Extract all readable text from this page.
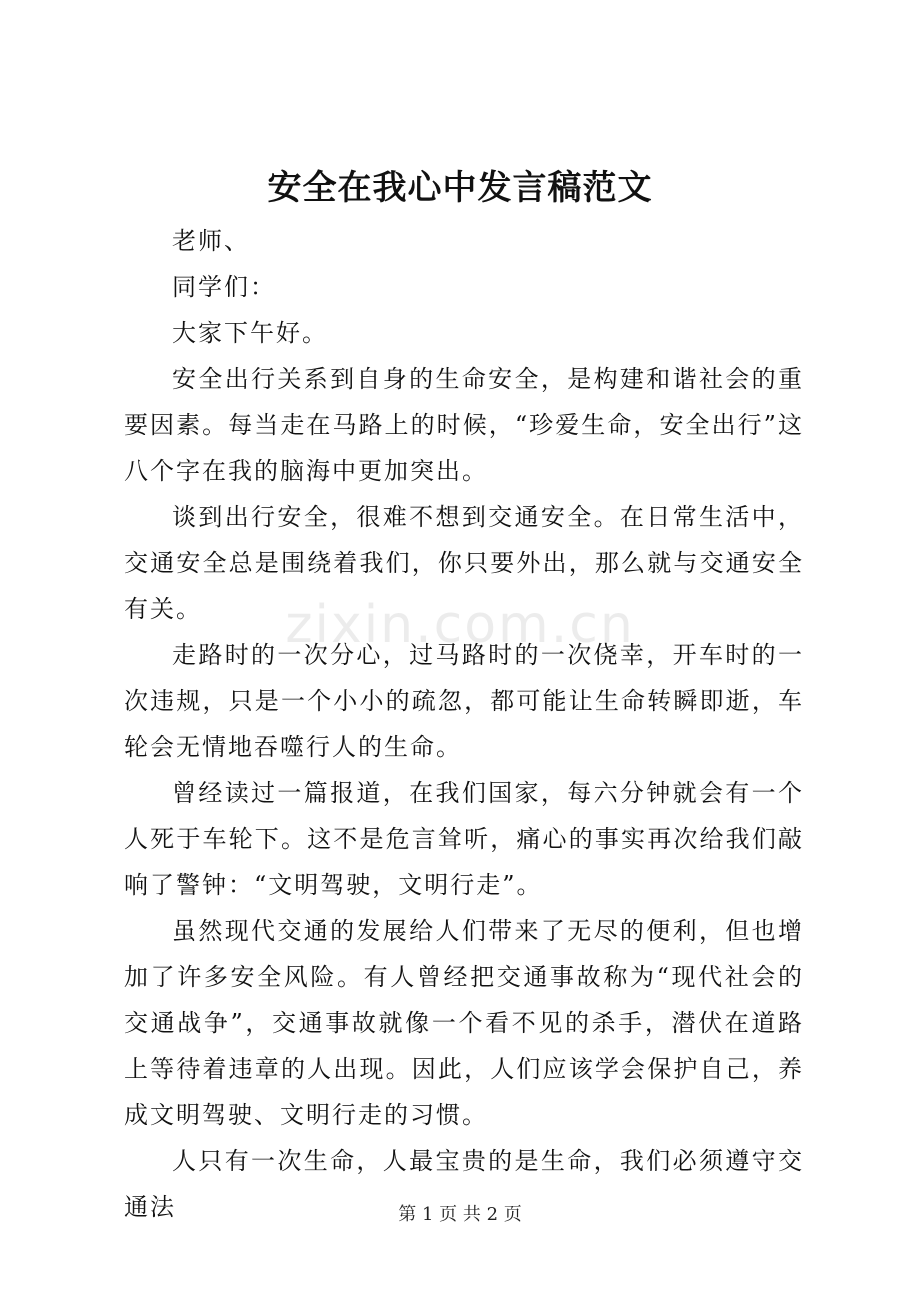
安全在我心中发言稿范文

老师、

同学们：

大家下午好。

安全出行关系到自身的生命安全，是构建和谐社会的重要因素。每当走在马路上的时候，“珍爱生命，安全出行”这八个字在我的脑海中更加突出。

谈到出行安全，很难不想到交通安全。在日常生活中，交通安全总是围绕着我们，你只要外出，那么就与交通安全有关。

走路时的一次分心，过马路时的一次侥幸，开车时的一次违规，只是一个小小的疏忽，都可能让生命转瞬即逝，车轮会无情地吞噬行人的生命。

曾经读过一篇报道，在我们国家，每六分钟就会有一个人死于车轮下。这不是危言耸听，痛心的事实再次给我们敲响了警钟：“文明驾驶，文明行走”。

虽然现代交通的发展给人们带来了无尽的便利，但也增加了许多安全风险。有人曾经把交通事故称为“现代社会的交通战争”，交通事故就像一个看不见的杀手，潜伏在道路上等待着违章的人出现。因此，人们应该学会保护自己，养成文明驾驶、文明行走的习惯。

人只有一次生命，人最宝贵的是生命，我们必须遵守交通法

zixin.com.cn
第 1 页 共 2 页
